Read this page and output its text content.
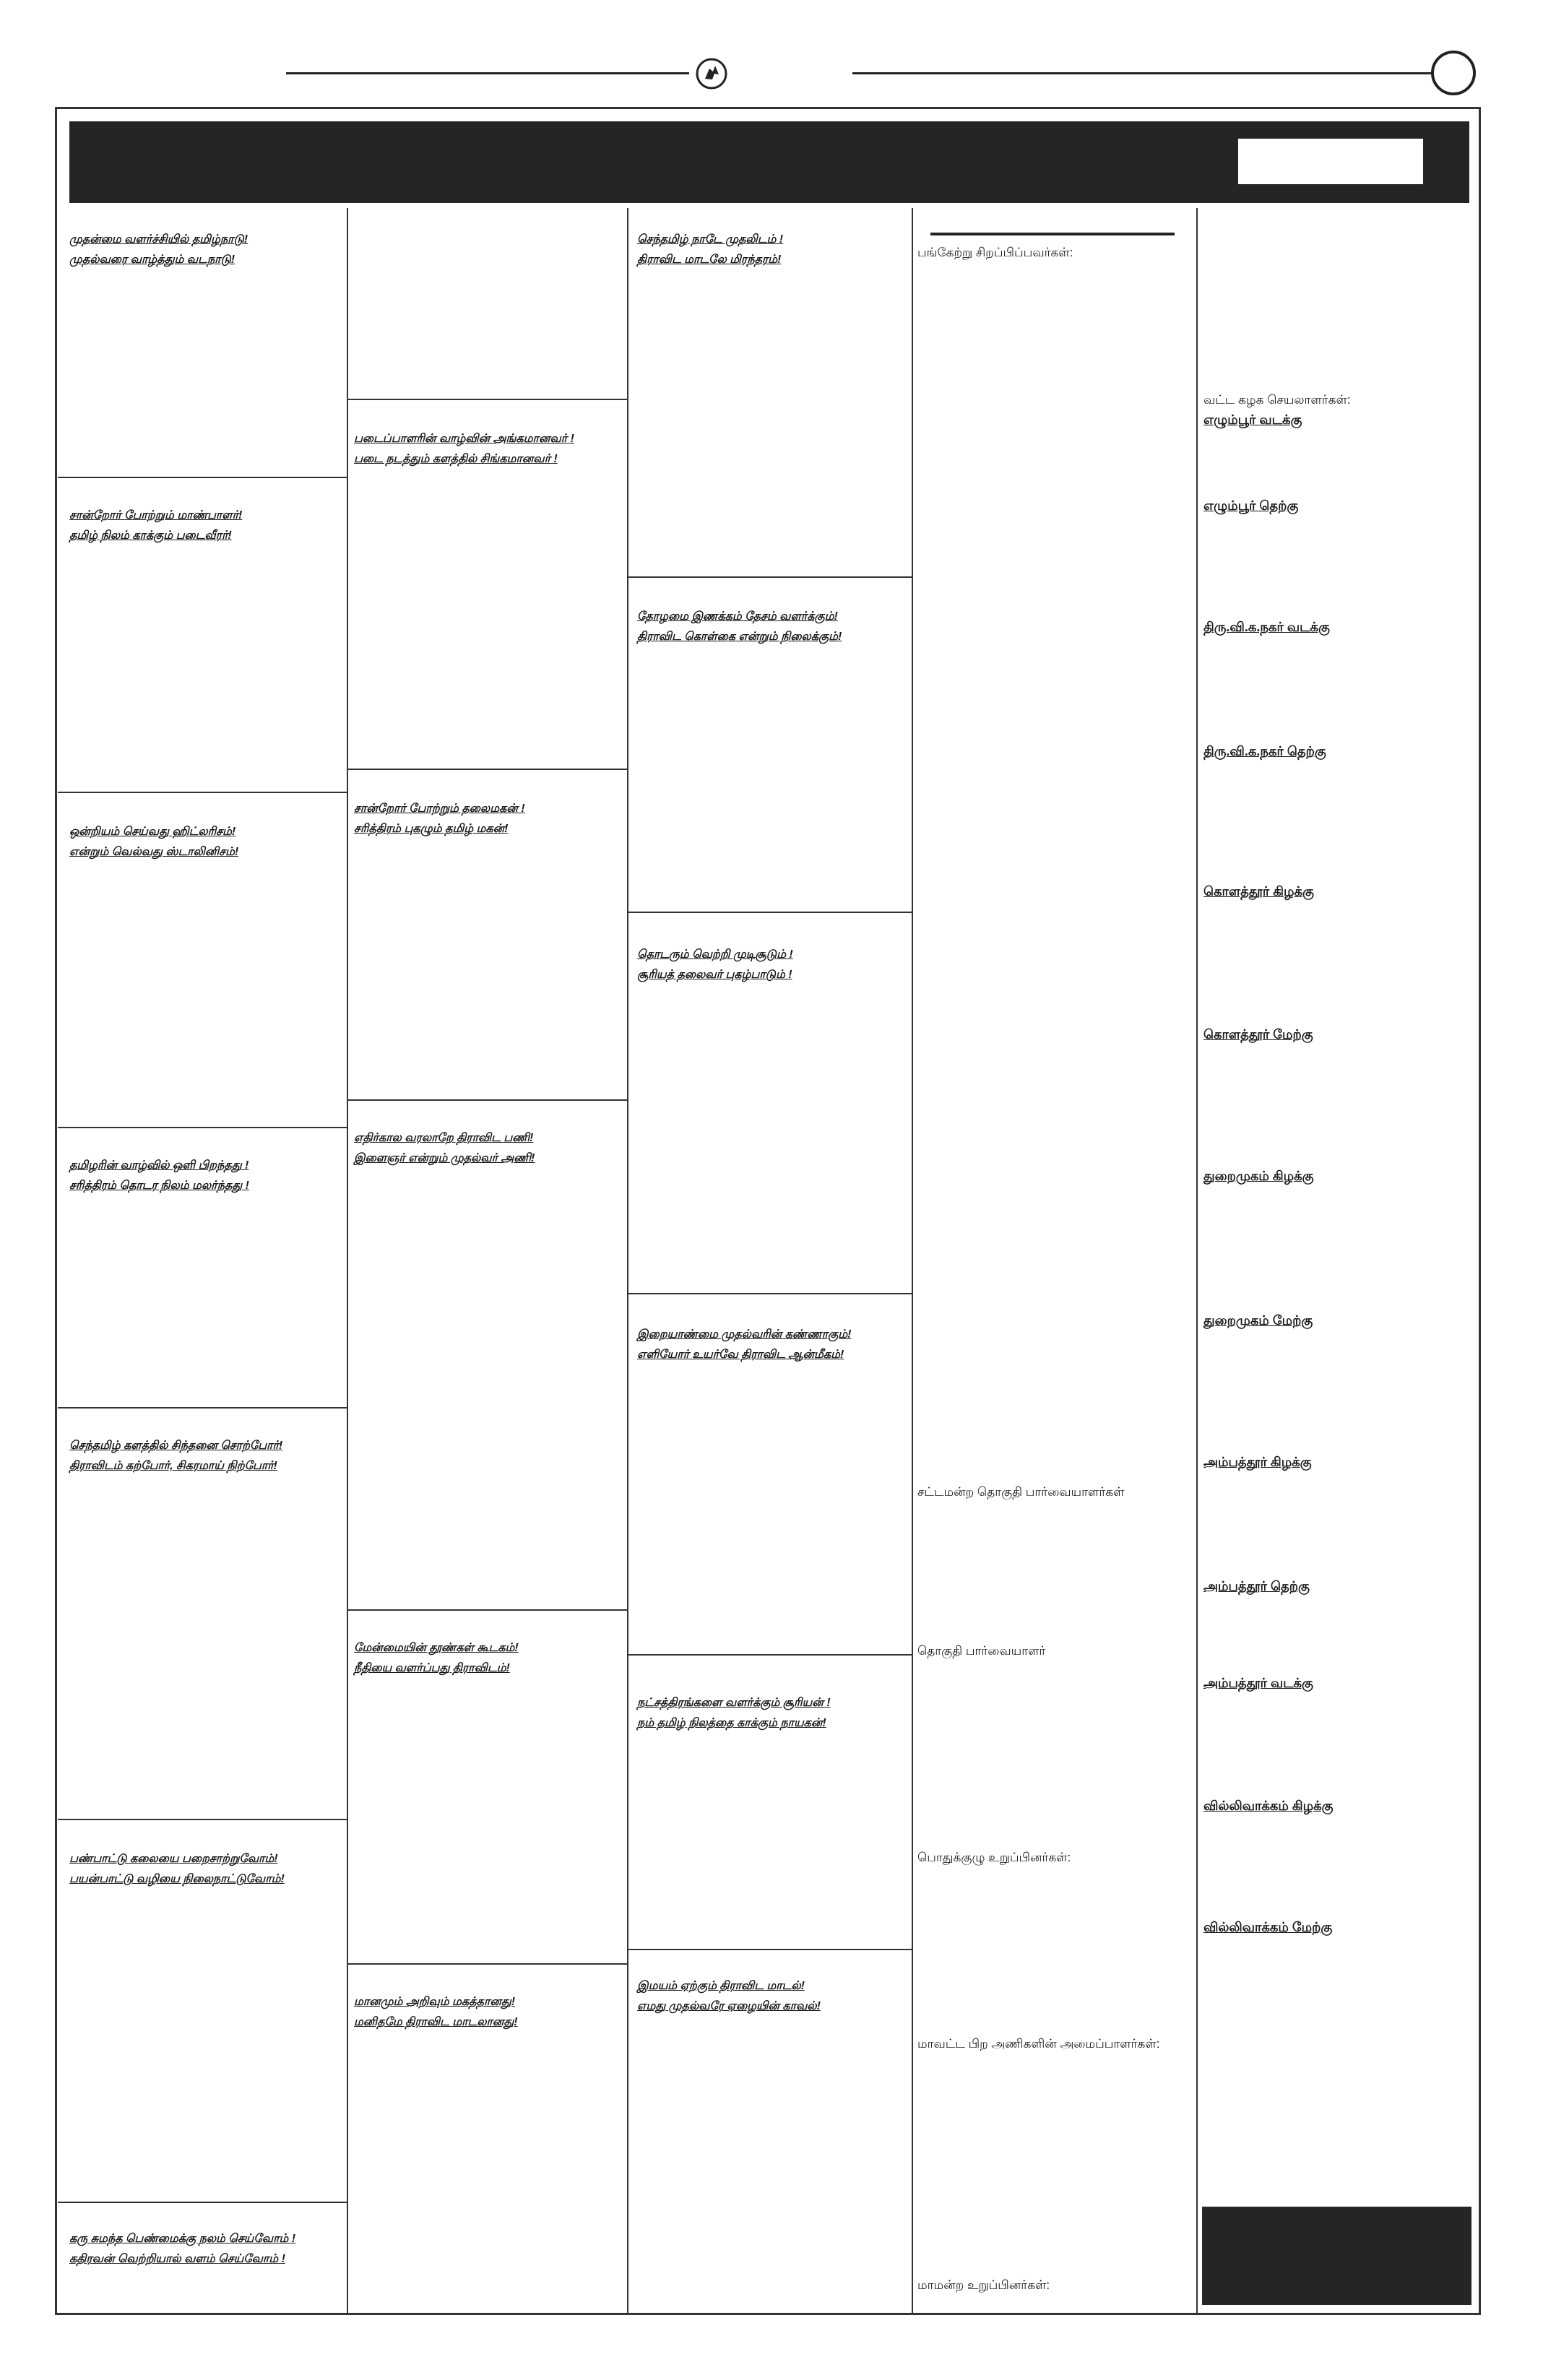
முதன்மை வளர்ச்சியில் தமிழ்நாடு!
முதல்வரை வாழ்த்தும் வடநாடு!
சான்றோர் போற்றும் மாண்பாளர்!
தமிழ் நிலம் காக்கும் படைவீரர்!
ஒன்றியம் செய்வது ஹிட்லரிசம்!
என்றும் வெல்வது ஸ்டாலினிசம்!
தமிழரின் வாழ்வில் ஒளி பிறந்தது !
சரித்திரம் தொடர நிலம் மலர்ந்தது !
செந்தமிழ் களத்தில் சிந்தனை சொற்போர்!
திராவிடம் கற்போர், சிகரமாய் நிற்போர்!
பண்பாட்டு கலையை பறைசாற்றுவோம்!
பயன்பாட்டு வழியை நிலைநாட்டுவோம்!
கரு சுமந்த பெண்மைக்கு நலம் செய்வோம் !
கதிரவன் வெற்றியால் வளம் செய்வோம் !
படைப்பாளரின் வாழ்வின் அங்கமானவர் !
படை நடத்தும் களத்தில் சிங்கமானவர் !
சான்றோர் போற்றும் தலைமகன் !
சரித்திரம் புகழும் தமிழ் மகன்!
எதிர்கால வரலாறே திராவிட பணி!
இளைஞர் என்றும் முதல்வர் அணி!
மேன்மையின் தூண்கள் கூடகம்!
நீதியை வளர்ப்பது திராவிடம்!
மானமும் அறிவும் மகத்தானது!
மனிதமே திராவிட மாடலானது!
செந்தமிழ் நாடே முதலிடம் !
திராவிட மாடலே மிரந்தரம்!
தோழமை இணக்கம் தேசம் வளர்க்கும்!
திராவிட கொள்கை என்றும் நிலைக்கும்!
தொடரும் வெற்றி முடிசூடும் !
சூரியத் தலைவர் புகழ்பாடும் !
இறையாண்மை முதல்வரின் கண்ணாகும்!
எளியோர் உயர்வே திராவிட ஆன்மீகம்!
நட்சத்திரங்களை வளர்க்கும் சூரியன் !
நம் தமிழ் நிலத்தை காக்கும் நாயகன்!
இமயம் ஏற்கும் திராவிட மாடல்!
எமது முதல்வரே ஏழையின் காவல்!
பங்கேற்று சிறப்பிப்பவர்கள்:
சட்டமன்ற தொகுதி பார்வையாளர்கள்
தொகுதி பார்வையாளர்
பொதுக்குழு உறுப்பினர்கள்:
மாவட்ட பிற அணிகளின் அமைப்பாளர்கள்:
மாமன்ற உறுப்பினர்கள்:
வட்ட கழக செயலாளர்கள்:
எழும்பூர் வடக்கு
எழும்பூர் தெற்கு
திரு.வி.க.நகர் வடக்கு
திரு.வி.க.நகர் தெற்கு
கொளத்தூர் கிழக்கு
கொளத்தூர் மேற்கு
துறைமுகம் கிழக்கு
துறைமுகம் மேற்கு
அம்பத்தூர் கிழக்கு
அம்பத்தூர் தெற்கு
அம்பத்தூர் வடக்கு
வில்லிவாக்கம் கிழக்கு
வில்லிவாக்கம் மேற்கு
